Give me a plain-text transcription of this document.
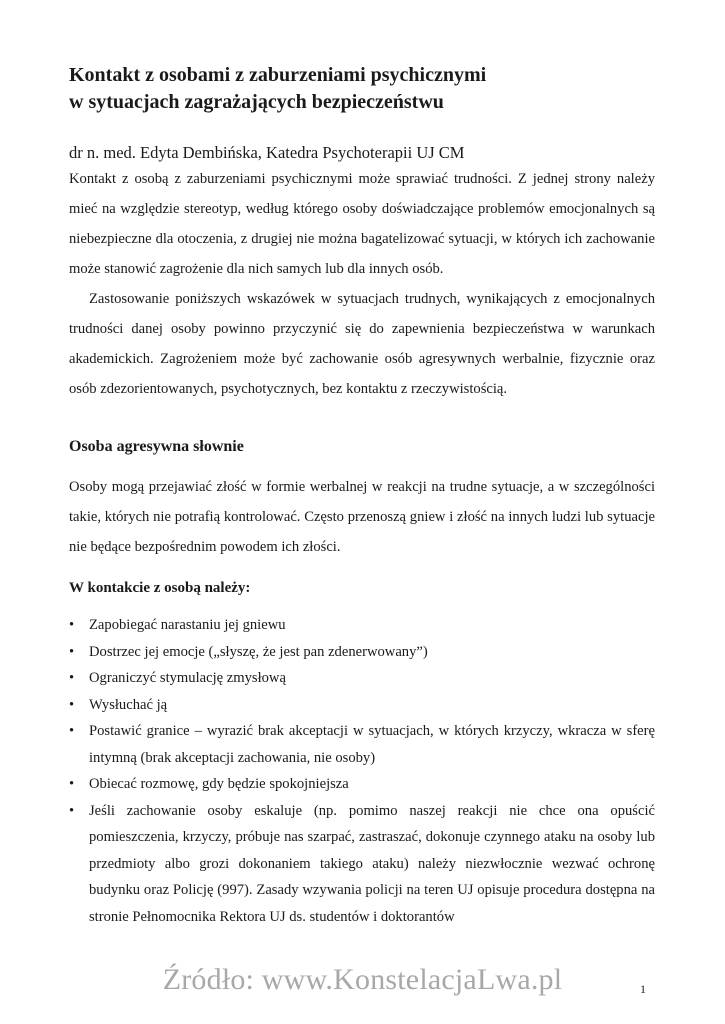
Kontakt z osobami z zaburzeniami psychicznymi
w sytuacjach zagrażających bezpieczeństwu

dr n. med. Edyta Dembińska, Katedra Psychoterapii UJ CM

Kontakt z osobą z zaburzeniami psychicznymi może sprawiać trudności. Z jednej strony należy mieć na względzie stereotyp, według którego osoby doświadczające problemów emocjonalnych są niebezpieczne dla otoczenia, z drugiej nie można bagatelizować sytuacji, w których ich zachowanie może stanowić zagrożenie dla nich samych lub dla innych osób.

Zastosowanie poniższych wskazówek w sytuacjach trudnych, wynikających z emocjonalnych trudności danej osoby powinno przyczynić się do zapewnienia bezpieczeństwa w warunkach akademickich. Zagrożeniem może być zachowanie osób agresywnych werbalnie, fizycznie oraz osób zdezorientowanych, psychotycznych, bez kontaktu z rzeczywistością.

Osoba agresywna słownie

Osoby mogą przejawiać złość w formie werbalnej w reakcji na trudne sytuacje, a w szczególności takie, których nie potrafią kontrolować. Często przenoszą gniew i złość na innych ludzi lub sytuacje nie będące bezpośrednim powodem ich złości.

W kontakcie z osobą należy:
•	Zapobiegać narastaniu jej gniewu
•	Dostrzec jej emocje („słyszę, że jest pan zdenerwowany”)
•	Ograniczyć stymulację zmysłową
•	Wysłuchać ją
•	Postawić granice – wyrazić brak akceptacji w sytuacjach, w których krzyczy, wkracza w sferę intymną (brak akceptacji zachowania, nie osoby)
•	Obiecać rozmowę, gdy będzie spokojniejsza
•	Jeśli zachowanie osoby eskaluje (np. pomimo naszej reakcji nie chce ona opuścić pomieszczenia, krzyczy, próbuje nas szarpać, zastraszać, dokonuje czynnego ataku na osoby lub przedmioty albo grozi dokonaniem takiego ataku) należy niezwłocznie wezwać ochronę budynku oraz Policję (997). Zasady wzywania policji na teren UJ opisuje procedura dostępna na stronie Pełnomocnika Rektora UJ ds. studentów i doktorantów
Źródło: www.KonstelacjaLwa.pl	1
